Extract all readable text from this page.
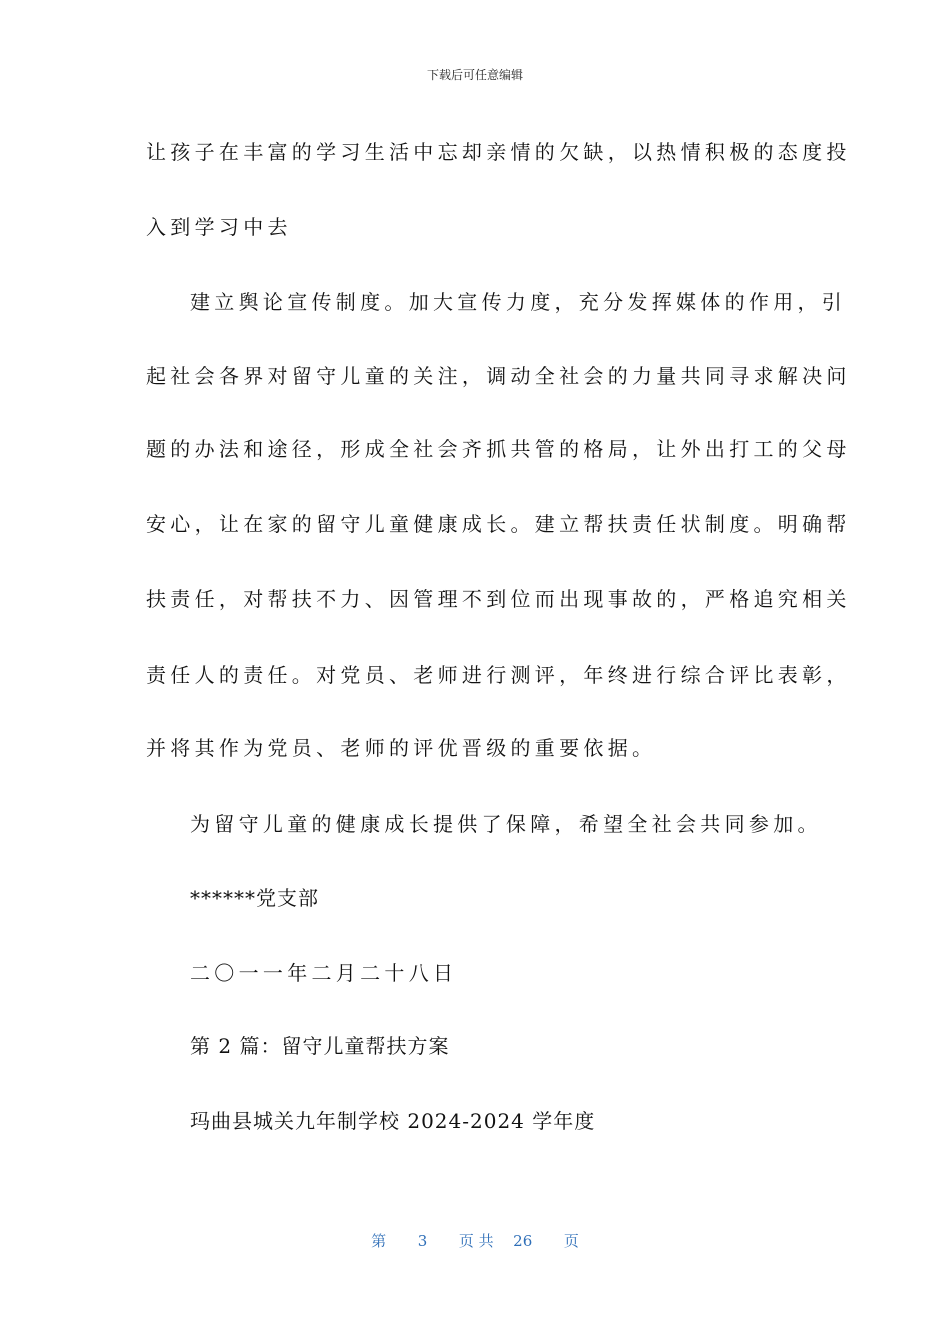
下载后可任意编辑
让孩子在丰富的学习生活中忘却亲情的欠缺，以热情积极的态度投
入到学习中去
建立舆论宣传制度。加大宣传力度，充分发挥媒体的作用，引
起社会各界对留守儿童的关注，调动全社会的力量共同寻求解决问
题的办法和途径，形成全社会齐抓共管的格局，让外出打工的父母
安心，让在家的留守儿童健康成长。建立帮扶责任状制度。明确帮
扶责任，对帮扶不力、因管理不到位而出现事故的，严格追究相关
责任人的责任。对党员、老师进行测评，年终进行综合评比表彰，
并将其作为党员、老师的评优晋级的重要依据。
为留守儿童的健康成长提供了保障，希望全社会共同参加。
******党支部
二〇一一年二月二十八日
第 2 篇：留守儿童帮扶方案
玛曲县城关九年制学校 2024-2024 学年度
第 3 页 共 26 页
